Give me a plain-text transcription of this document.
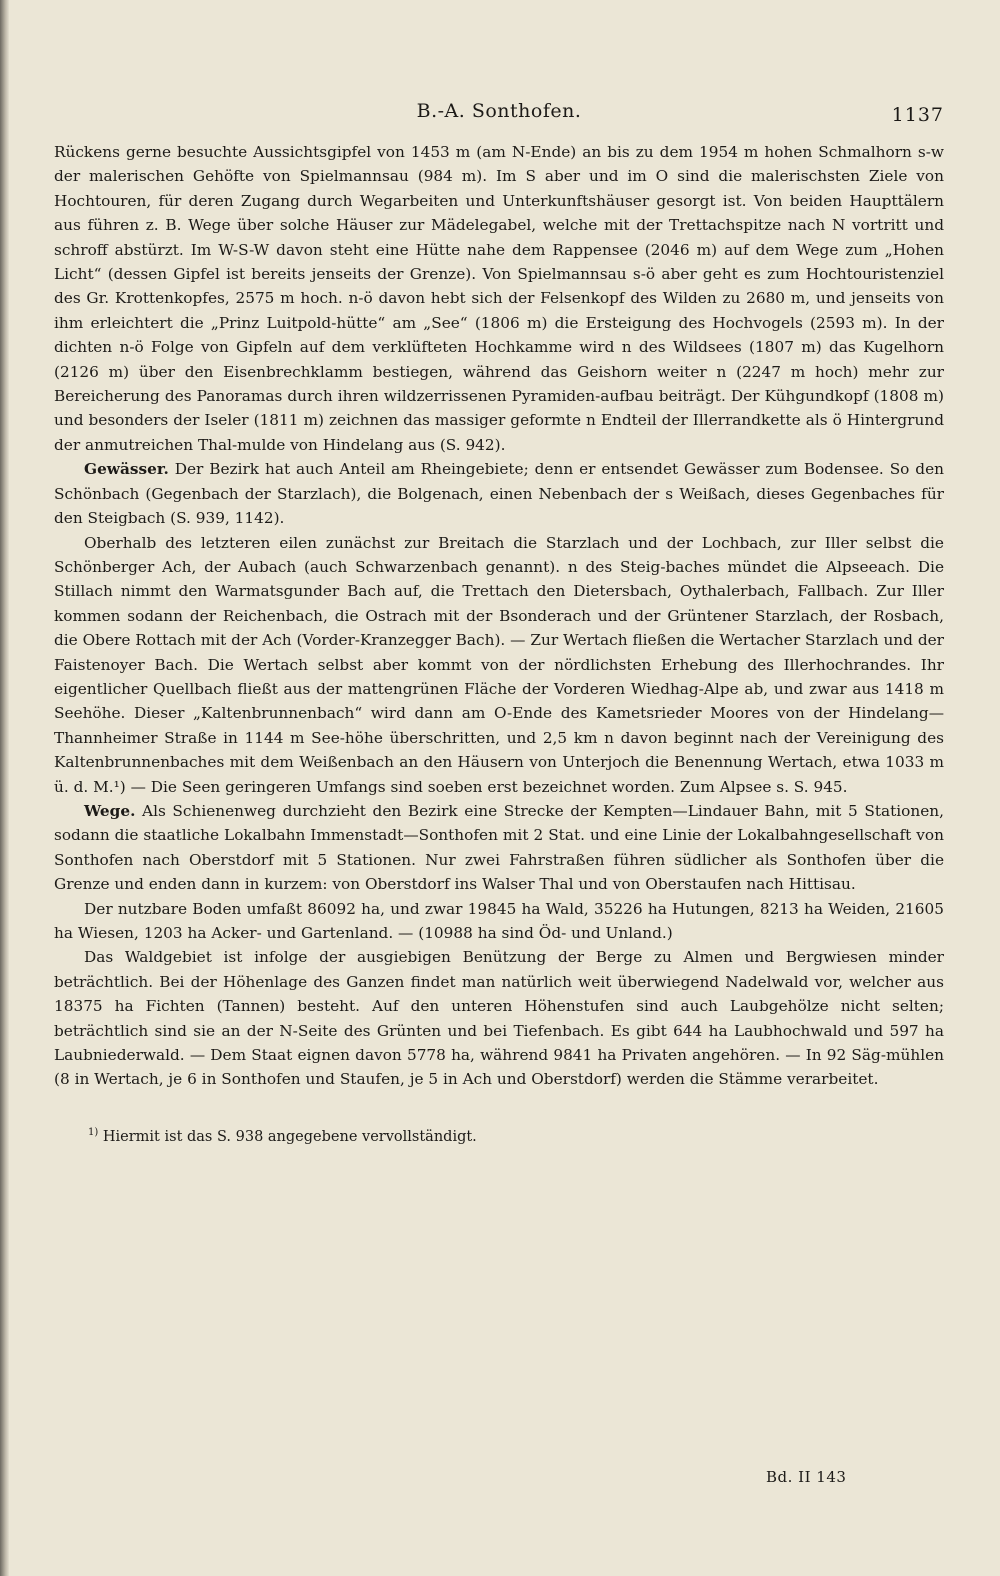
B.-A. Sonthofen.	1137

Rückens gerne besuchte Aussichtsgipfel von 1453 m (am N-Ende) an bis zu dem 1954 m hohen Schmalhorn s-w der malerischen Gehöfte von Spielmannsau (984 m). Im S aber und im O sind die malerischsten Ziele von Hochtouren, für deren Zugang durch Wegarbeiten und Unterkunftshäuser gesorgt ist. Von beiden Haupttälern aus führen z. B. Wege über solche Häuser zur Mädelegabel, welche mit der Trettachspitze nach N vortritt und schroff abstürzt. Im W-S-W davon steht eine Hütte nahe dem Rappensee (2046 m) auf dem Wege zum „Hohen Licht“ (dessen Gipfel ist bereits jenseits der Grenze). Von Spielmannsau s-ö aber geht es zum Hochtouristenziel des Gr. Krottenkopfes, 2575 m hoch. n-ö davon hebt sich der Felsenkopf des Wilden zu 2680 m, und jenseits von ihm erleichtert die „Prinz Luitpold-hütte“ am „See“ (1806 m) die Ersteigung des Hochvogels (2593 m). In der dichten n-ö Folge von Gipfeln auf dem verklüfteten Hochkamme wird n des Wildsees (1807 m) das Kugelhorn (2126 m) über den Eisenbrechklamm bestiegen, während das Geishorn weiter n (2247 m hoch) mehr zur Bereicherung des Panoramas durch ihren wildzerrissenen Pyramiden-aufbau beiträgt. Der Kühgundkopf (1808 m) und besonders der Iseler (1811 m) zeichnen das massiger geformte n Endteil der Illerrandkette als ö Hintergrund der anmutreichen Thal-mulde von Hindelang aus (S. 942).

Gewässer. Der Bezirk hat auch Anteil am Rheingebiete; denn er entsendet Gewässer zum Bodensee. So den Schönbach (Gegenbach der Starzlach), die Bolgenach, einen Nebenbach der s Weißach, dieses Gegenbaches für den Steigbach (S. 939, 1142).

Oberhalb des letzteren eilen zunächst zur Breitach die Starzlach und der Lochbach, zur Iller selbst die Schönberger Ach, der Aubach (auch Schwarzenbach genannt). n des Steig-baches mündet die Alpseeach. Die Stillach nimmt den Warmatsgunder Bach auf, die Trettach den Dietersbach, Oythalerbach, Fallbach. Zur Iller kommen sodann der Reichenbach, die Ostrach mit der Bsonderach und der Grüntener Starzlach, der Rosbach, die Obere Rottach mit der Ach (Vorder-Kranzegger Bach). — Zur Wertach fließen die Wertacher Starzlach und der Faistenoyer Bach. Die Wertach selbst aber kommt von der nördlichsten Erhebung des Illerhochrandes. Ihr eigentlicher Quellbach fließt aus der mattengrünen Fläche der Vorderen Wiedhag-Alpe ab, und zwar aus 1418 m Seehöhe. Dieser „Kaltenbrunnenbach“ wird dann am O-Ende des Kametsrieder Moores von der Hindelang—Thannheimer Straße in 1144 m See-höhe überschritten, und 2,5 km n davon beginnt nach der Vereinigung des Kaltenbrunnenbaches mit dem Weißenbach an den Häusern von Unterjoch die Benennung Wertach, etwa 1033 m ü. d. M.¹) — Die Seen geringeren Umfangs sind soeben erst bezeichnet worden. Zum Alpsee s. S. 945.

Wege. Als Schienenweg durchzieht den Bezirk eine Strecke der Kempten—Lindauer Bahn, mit 5 Stationen, sodann die staatliche Lokalbahn Immenstadt—Sonthofen mit 2 Stat. und eine Linie der Lokalbahngesellschaft von Sonthofen nach Oberstdorf mit 5 Stationen. Nur zwei Fahrstraßen führen südlicher als Sonthofen über die Grenze und enden dann in kurzem: von Oberstdorf ins Walser Thal und von Oberstaufen nach Hittisau.

Der nutzbare Boden umfaßt 86092 ha, und zwar 19845 ha Wald, 35226 ha Hutungen, 8213 ha Weiden, 21605 ha Wiesen, 1203 ha Acker- und Gartenland. — (10988 ha sind Öd- und Unland.)

Das Waldgebiet ist infolge der ausgiebigen Benützung der Berge zu Almen und Bergwiesen minder beträchtlich. Bei der Höhenlage des Ganzen findet man natürlich weit überwiegend Nadelwald vor, welcher aus 18375 ha Fichten (Tannen) besteht. Auf den unteren Höhenstufen sind auch Laubgehölze nicht selten; beträchtlich sind sie an der N-Seite des Grünten und bei Tiefenbach. Es gibt 644 ha Laubhochwald und 597 ha Laubniederwald. — Dem Staat eignen davon 5778 ha, während 9841 ha Privaten angehören. — In 92 Säg-mühlen (8 in Wertach, je 6 in Sonthofen und Staufen, je 5 in Ach und Oberstdorf) werden die Stämme verarbeitet.

$^{1)}$ Hiermit ist das S. 938 angegebene vervollständigt.
Bd. II 143
